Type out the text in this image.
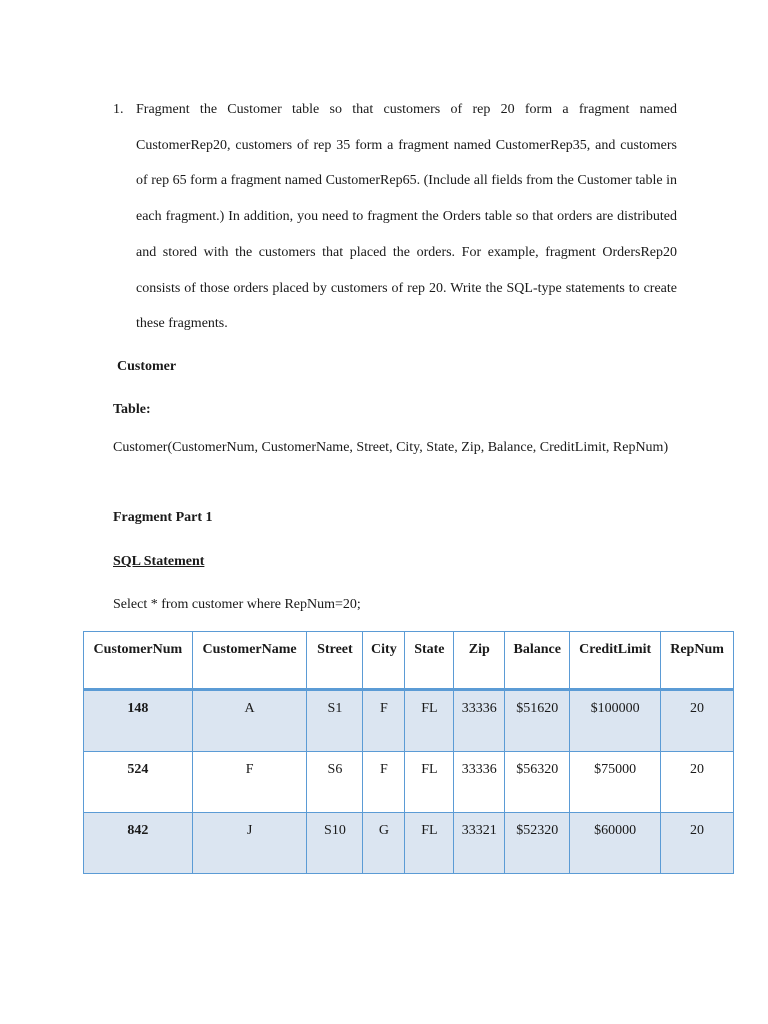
1. Fragment the Customer table so that customers of rep 20 form a fragment named CustomerRep20, customers of rep 35 form a fragment named CustomerRep35, and customers of rep 65 form a fragment named CustomerRep65. (Include all fields from the Customer table in each fragment.) In addition, you need to fragment the Orders table so that orders are distributed and stored with the customers that placed the orders. For example, fragment OrdersRep20 consists of those orders placed by customers of rep 20. Write the SQL-type statements to create these fragments.
Customer
Table:
Customer(CustomerNum, CustomerName, Street, City, State, Zip, Balance, CreditLimit, RepNum)
Fragment Part 1
SQL Statement
Select * from customer where RepNum=20;
CustomerNum	CustomerName	Street	City	State	Zip	Balance	CreditLimit	RepNum
148	A	S1	F	FL	33336	$51620	$100000	20
524	F	S6	F	FL	33336	$56320	$75000	20
842	J	S10	G	FL	33321	$52320	$60000	20
